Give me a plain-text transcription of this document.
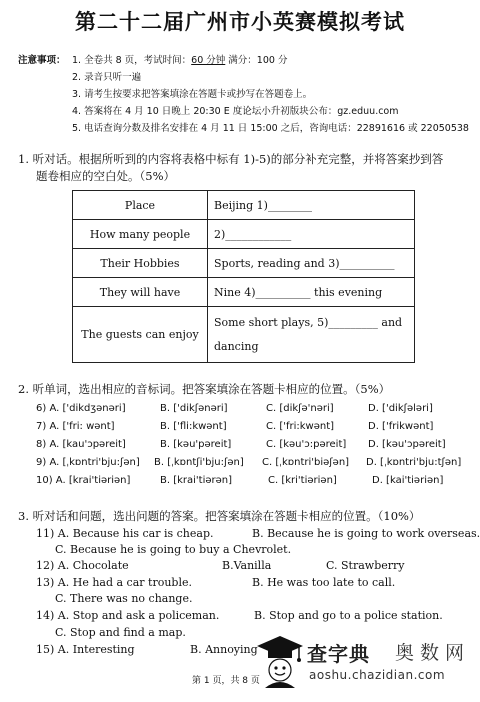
第二十二届广州市小英赛模拟考试
注意事项： 1. 全卷共 8 页，考试时间：60 分钟 满分：100 分
2. 录音只听一遍
3. 请考生按要求把答案填涂在答题卡或抄写在答题卷上。
4. 答案将在 4 月 10 日晚上 20:30 E 度论坛小升初版块公布：gz.eduu.com
5. 电话查询分数及排名安排在 4 月 11 日 15:00 之后，咨询电话：22891616 或 22050538
1. 听对话。根据所听到的内容将表格中标有 1)-5)的部分补充完整，并将答案抄到答
题卷相应的空白处。（5%）
Place	Beijing 1)________
How many people	2)____________
Their Hobbies	Sports, reading and 3)__________
They will have	Nine 4)__________ this evening
The guests can enjoy	Some short plays, 5)_________ and
dancing
2. 听单词，选出相应的音标词。把答案填涂在答题卡相应的位置。（5%）
6) A. ['dikdʒənəri]	B. ['dikʃənəri]	C. [dikʃə'nəri]	D. ['dikʃələri]
7) A. ['fri: wənt]	B. ['fli:kwənt]	C. ['fri:kwənt]	D. ['frikwənt]
8) A. [kau'ɔpəreit]	B. [kəu'pəreit]	C. [kəu'ɔ:pəreit] D. [kəu'ɔpəreit]
9) A. [ˌkɒntri'bju:ʃən] B. [ˌkɒntʃi'bju:ʃən] C. [ˌkɒntri'biəʃən] D. [ˌkɒntri'bju:tʃən]
10) A. [krai'tiəriən]	B. [krai'tiərən]	C. [kri'tiəriən]	D. [kai'tiəriən]
3. 听对话和问题，选出问题的答案。把答案填涂在答题卡相应的位置。（10%）
11) A. Because his car is cheap.	B. Because he is going to work overseas.
C. Because he is going to buy a Chevrolet.
12) A. Chocolate	B.Vanilla	C. Strawberry
13) A. He had a car trouble.	B. He was too late to call.
C. There was no change.
14) A. Stop and ask a policeman.	B. Stop and go to a police station.
C. Stop and find a map.
15) A. Interesting	B. Annoying
第 1 页，共 8 页
查字典 奥数网
aoshu.chazidian.com
